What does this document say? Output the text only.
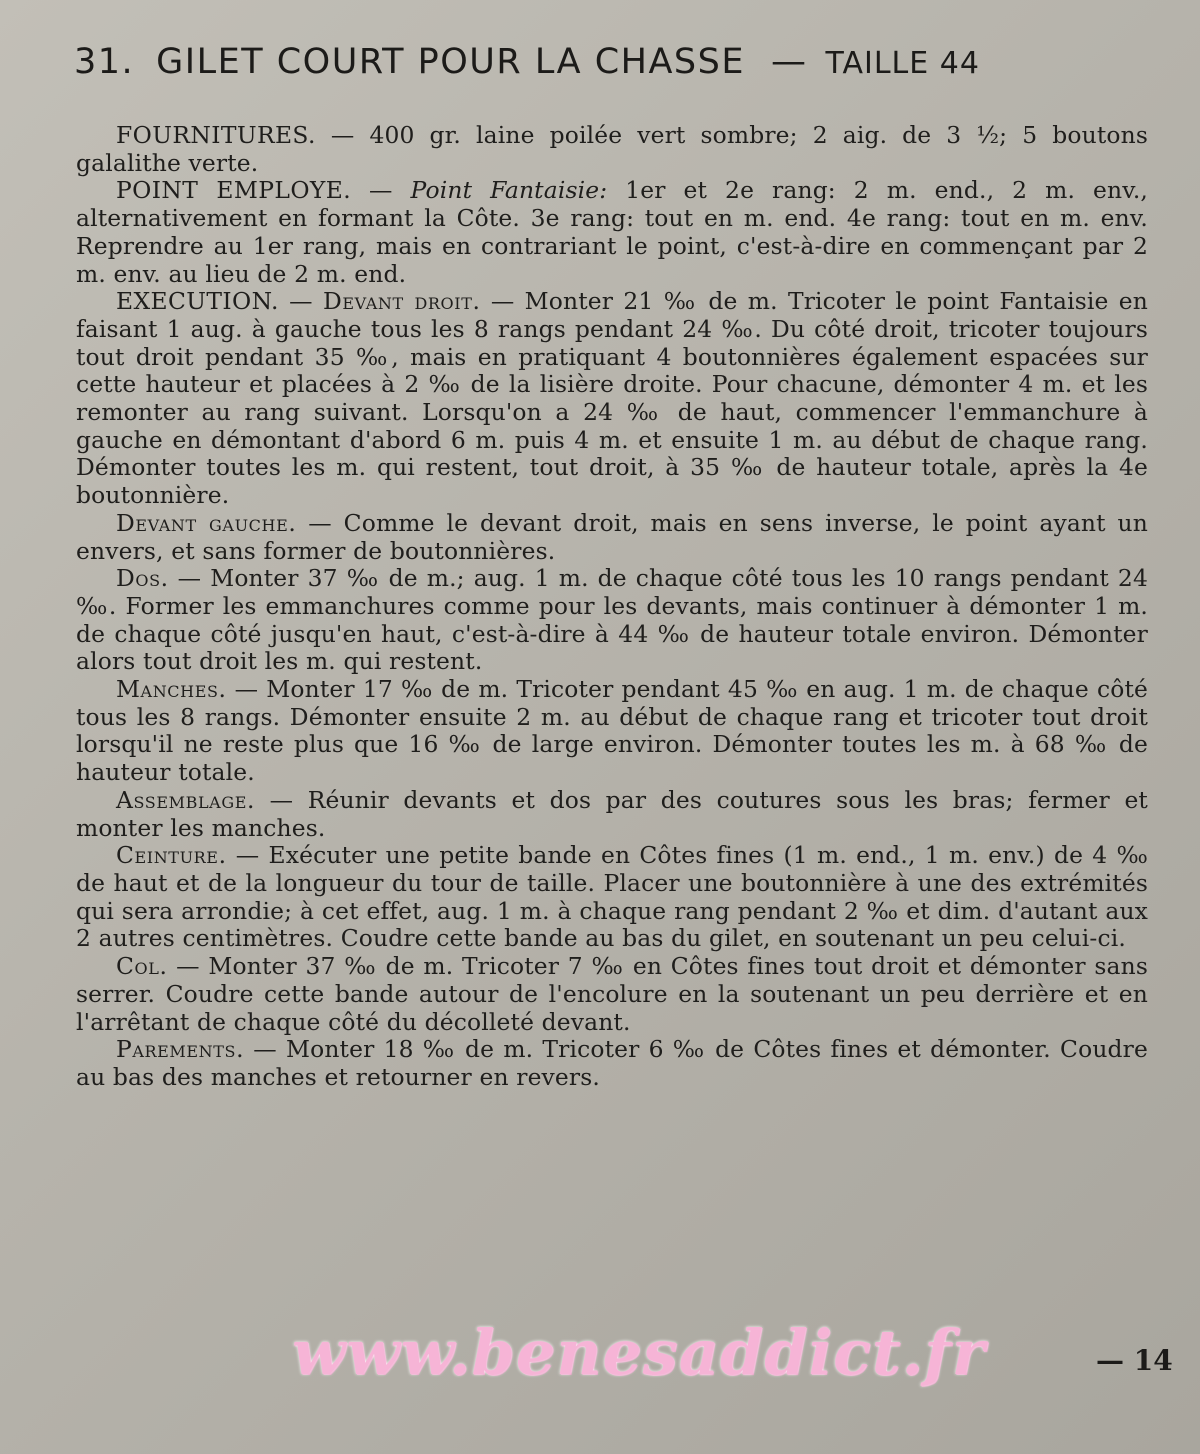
31. GILET COURT POUR LA CHASSE — TAILLE 44

FOURNITURES. — 400 gr. laine poilée vert sombre; 2 aig. de 3 ½; 5 boutons galalithe verte.

POINT EMPLOYE. — Point Fantaisie: 1er et 2e rang: 2 m. end., 2 m. env., alternativement en formant la Côte. 3e rang: tout en m. end. 4e rang: tout en m. env. Reprendre au 1er rang, mais en contrariant le point, c'est-à-dire en commençant par 2 m. env. au lieu de 2 m. end.

EXECUTION. — Devant droit. — Monter 21 ‰ de m. Tricoter le point Fantaisie en faisant 1 aug. à gauche tous les 8 rangs pendant 24 ‰. Du côté droit, tricoter toujours tout droit pendant 35 ‰, mais en pratiquant 4 boutonnières également espacées sur cette hauteur et placées à 2 ‰ de la lisière droite. Pour chacune, démonter 4 m. et les remonter au rang suivant. Lorsqu'on a 24 ‰ de haut, commencer l'emmanchure à gauche en démontant d'abord 6 m. puis 4 m. et ensuite 1 m. au début de chaque rang. Démonter toutes les m. qui restent, tout droit, à 35 ‰ de hauteur totale, après la 4e boutonnière.

Devant gauche. — Comme le devant droit, mais en sens inverse, le point ayant un envers, et sans former de boutonnières.

Dos. — Monter 37 ‰ de m.; aug. 1 m. de chaque côté tous les 10 rangs pendant 24 ‰. Former les emmanchures comme pour les devants, mais continuer à démonter 1 m. de chaque côté jusqu'en haut, c'est-à-dire à 44 ‰ de hauteur totale environ. Démonter alors tout droit les m. qui restent.

Manches. — Monter 17 ‰ de m. Tricoter pendant 45 ‰ en aug. 1 m. de chaque côté tous les 8 rangs. Démonter ensuite 2 m. au début de chaque rang et tricoter tout droit lorsqu'il ne reste plus que 16 ‰ de large environ. Démonter toutes les m. à 68 ‰ de hauteur totale.

Assemblage. — Réunir devants et dos par des coutures sous les bras; fermer et monter les manches.

Ceinture. — Exécuter une petite bande en Côtes fines (1 m. end., 1 m. env.) de 4 ‰ de haut et de la longueur du tour de taille. Placer une boutonnière à une des extrémités qui sera arrondie; à cet effet, aug. 1 m. à chaque rang pendant 2 ‰ et dim. d'autant aux 2 autres centimètres. Coudre cette bande au bas du gilet, en soutenant un peu celui-ci.

Col. — Monter 37 ‰ de m. Tricoter 7 ‰ en Côtes fines tout droit et démonter sans serrer. Coudre cette bande autour de l'encolure en la soutenant un peu derrière et en l'arrêtant de chaque côté du décolleté devant.

Parements. — Monter 18 ‰ de m. Tricoter 6 ‰ de Côtes fines et démonter. Coudre au bas des manches et retourner en revers.

www.benesaddict.fr	— 14
